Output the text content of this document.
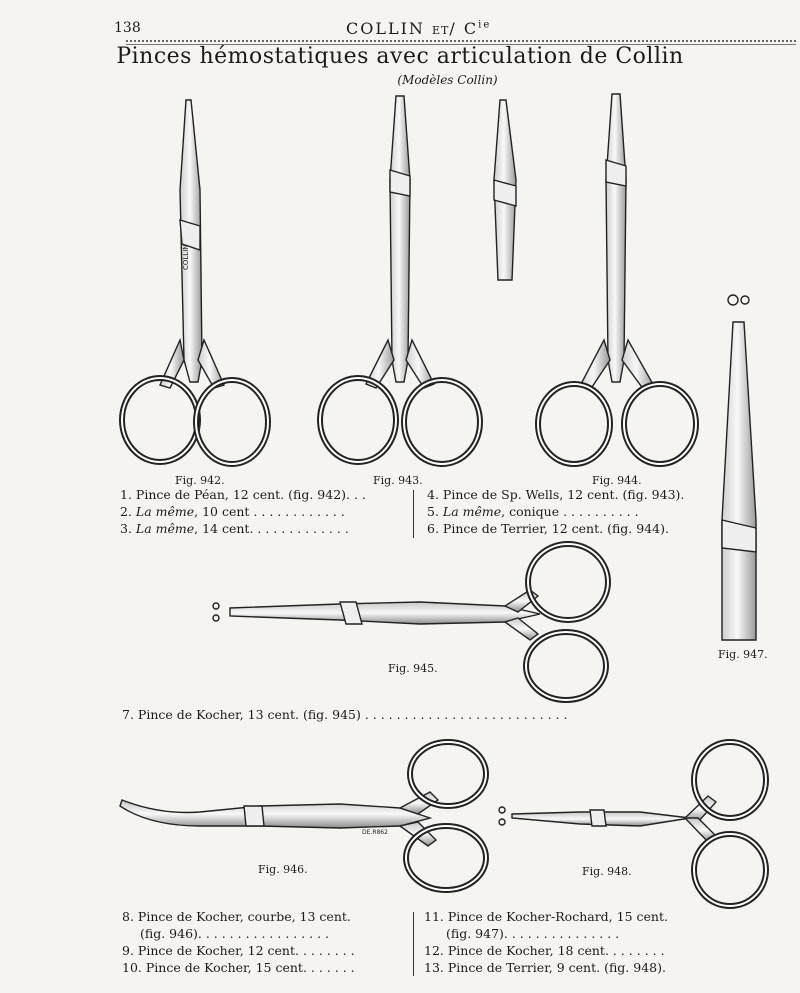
138	COLLIN ET/ $C^{ie}$
Pinces hémostatiques avec articulation de Collin
(Modèles Collin)
COLLIN
DE.R862
Fig. 942.	Fig. 943.	Fig. 944.
Fig. 947.
Fig. 945.
Fig. 946.	Fig. 948.
1. Pince de Péan, 12 cent. (fig. 942). . .
2. La même, 10 cent . . . . . . . . . . . .
3. La même, 14 cent. . . . . . . . . . . . .
4. Pince de Sp. Wells, 12 cent. (fig. 943).
5. La même, conique . . . . . . . . . .
6. Pince de Terrier, 12 cent. (fig. 944).
7. Pince de Kocher, 13 cent. (fig. 945) . . . . . . . . . . . . . . . . . . . . . . . . . .
8. Pince de Kocher, courbe, 13 cent.
(fig. 946). . . . . . . . . . . . . . . . .
9. Pince de Kocher, 12 cent. . . . . . . .
10. Pince de Kocher, 15 cent. . . . . . .
11. Pince de Kocher-Rochard, 15 cent.
(fig. 947). . . . . . . . . . . . . . .
12. Pince de Kocher, 18 cent. . . . . . . .
13. Pince de Terrier, 9 cent. (fig. 948).
